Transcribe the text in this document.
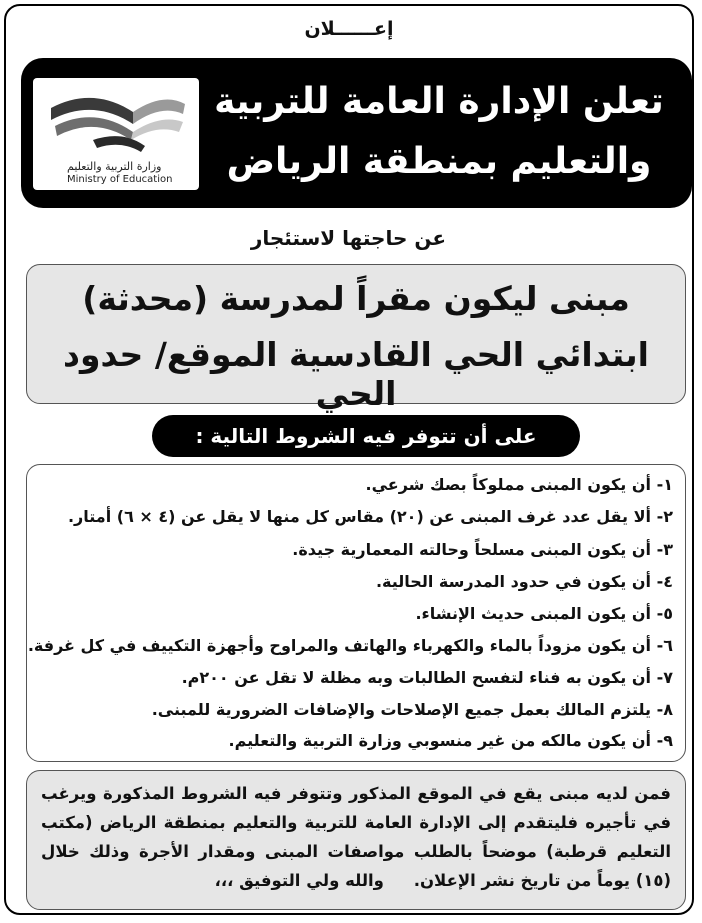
إعــــــلان
تعلن الإدارة العامة للتربية
والتعليم بمنطقة الرياض
وزارة التربية والتعليم
Ministry of Education
عن حاجتها لاستئجار
مبنى ليكون مقراً لمدرسة (محدثة)
ابتدائي الحي القادسية الموقع/ حدود الحي
على أن تتوفر فيه الشروط التالية :
١- أن يكون المبنى مملوكاً بصك شرعي.
٢- ألا يقل عدد غرف المبنى عن (٢٠) مقاس كل منها لا يقل عن (٤ × ٦) أمتار.
٣- أن يكون المبنى مسلحاً وحالته المعمارية جيدة.
٤- أن يكون في حدود المدرسة الحالية.
٥- أن يكون المبنى حديث الإنشاء.
٦- أن يكون مزوداً بالماء والكهرباء والهاتف والمراوح وأجهزة التكييف في كل غرفة.
٧- أن يكون به فناء لتفسح الطالبات وبه مظلة لا تقل عن ٢٠٠م.
٨- يلتزم المالك بعمل جميع الإصلاحات والإضافات الضرورية للمبنى.
٩- أن يكون مالكه من غير منسوبي وزارة التربية والتعليم.

فمن لديه مبنى يقع في الموقع المذكور وتتوفر فيه الشروط المذكورة ويرغب في تأجيره فليتقدم إلى الإدارة العامة للتربية والتعليم بمنطقة الرياض (مكتب التعليم قرطبة) موضحاً بالطلب مواصفات المبنى ومقدار الأجرة وذلك خلال (١٥) يوماً من تاريخ نشر الإعلان. والله ولي التوفيق ،،،
